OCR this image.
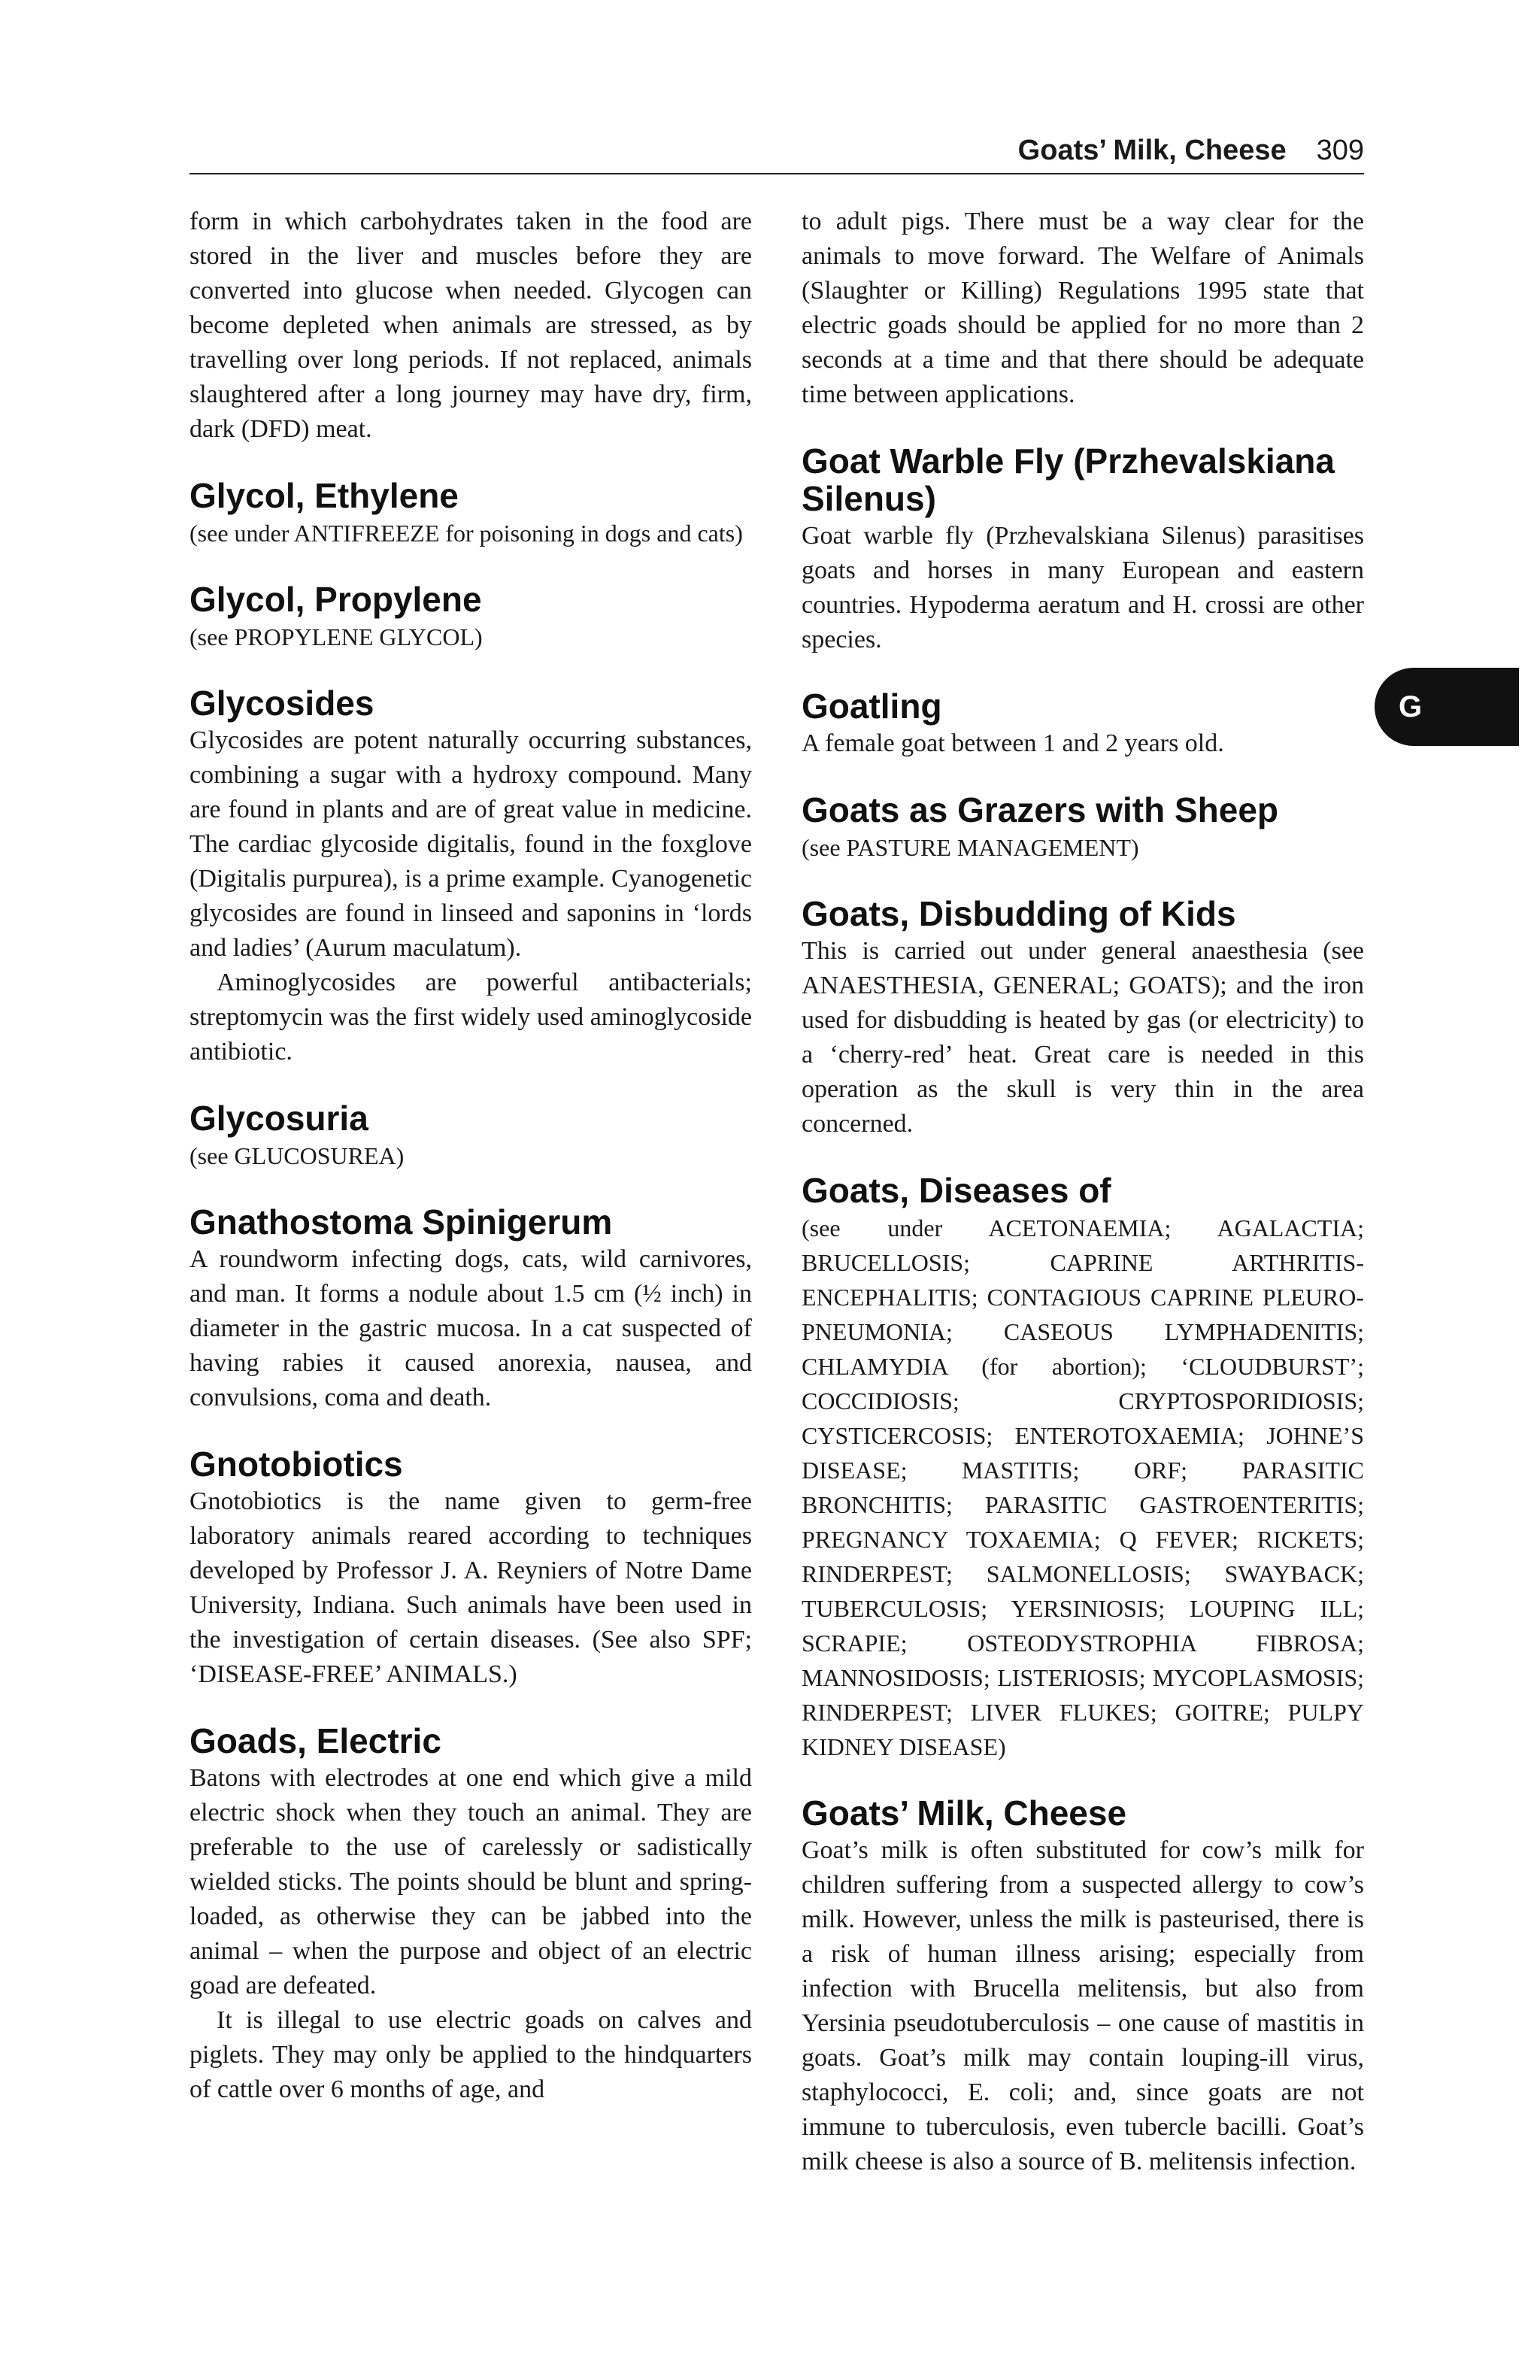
Goats’ Milk, Cheese 309
G

form in which carbohydrates taken in the food are stored in the liver and muscles before they are converted into glucose when needed. Glycogen can become depleted when animals are stressed, as by travelling over long periods. If not replaced, animals slaughtered after a long journey may have dry, firm, dark (DFD) meat.

Glycol, Ethylene

(see under ANTIFREEZE for poisoning in dogs and cats)

Glycol, Propylene

(see PROPYLENE GLYCOL)

Glycosides

Glycosides are potent naturally occurring substances, combining a sugar with a hydroxy compound. Many are found in plants and are of great value in medicine. The cardiac glycoside digitalis, found in the foxglove (Digitalis purpurea), is a prime example. Cyanogenetic glycosides are found in linseed and saponins in ‘lords and ladies’ (Aurum maculatum).

Aminoglycosides are powerful antibacterials; streptomycin was the first widely used aminoglycoside antibiotic.

Glycosuria

(see GLUCOSUREA)

Gnathostoma Spinigerum

A roundworm infecting dogs, cats, wild carnivores, and man. It forms a nodule about 1.5 cm (½ inch) in diameter in the gastric mucosa. In a cat suspected of having rabies it caused anorexia, nausea, and convulsions, coma and death.

Gnotobiotics

Gnotobiotics is the name given to germ-free laboratory animals reared according to techniques developed by Professor J. A. Reyniers of Notre Dame University, Indiana. Such animals have been used in the investigation of certain diseases. (See also SPF; ‘DISEASE-FREE’ ANIMALS.)

Goads, Electric

Batons with electrodes at one end which give a mild electric shock when they touch an animal. They are preferable to the use of carelessly or sadistically wielded sticks. The points should be blunt and spring-loaded, as otherwise they can be jabbed into the animal – when the purpose and object of an electric goad are defeated.

It is illegal to use electric goads on calves and piglets. They may only be applied to the hindquarters of cattle over 6 months of age, and

to adult pigs. There must be a way clear for the animals to move forward. The Welfare of Animals (Slaughter or Killing) Regulations 1995 state that electric goads should be applied for no more than 2 seconds at a time and that there should be adequate time between applications.

Goat Warble Fly (Przhevalskiana Silenus)

Goat warble fly (Przhevalskiana Silenus) parasitises goats and horses in many European and eastern countries. Hypoderma aeratum and H. crossi are other species.

Goatling

A female goat between 1 and 2 years old.

Goats as Grazers with Sheep

(see PASTURE MANAGEMENT)

Goats, Disbudding of Kids

This is carried out under general anaesthesia (see ANAESTHESIA, GENERAL; GOATS); and the iron used for disbudding is heated by gas (or electricity) to a ‘cherry-red’ heat. Great care is needed in this operation as the skull is very thin in the area concerned.

Goats, Diseases of

(see under ACETONAEMIA; AGALACTIA; BRUCELLOSIS; CAPRINE ARTHRITIS-ENCEPHALITIS; CONTAGIOUS CAPRINE PLEURO-PNEUMONIA; CASEOUS LYMPHADENITIS; CHLAMYDIA (for abortion); ‘CLOUDBURST’; COCCIDIOSIS; CRYPTOSPORIDIOSIS; CYSTICERCOSIS; ENTEROTOXAEMIA; JOHNE’S DISEASE; MASTITIS; ORF; PARASITIC BRONCHITIS; PARASITIC GASTROENTERITIS; PREGNANCY TOXAEMIA; Q FEVER; RICKETS; RINDERPEST; SALMONELLOSIS; SWAYBACK; TUBERCULOSIS; YERSINIOSIS; LOUPING ILL; SCRAPIE; OSTEODYSTROPHIA FIBROSA; MANNOSIDOSIS; LISTERIOSIS; MYCOPLASMOSIS; RINDERPEST; LIVER FLUKES; GOITRE; PULPY KIDNEY DISEASE)

Goats’ Milk, Cheese

Goat’s milk is often substituted for cow’s milk for children suffering from a suspected allergy to cow’s milk. However, unless the milk is pasteurised, there is a risk of human illness arising; especially from infection with Brucella melitensis, but also from Yersinia pseudotuberculosis – one cause of mastitis in goats. Goat’s milk may contain louping-ill virus, staphylococci, E. coli; and, since goats are not immune to tuberculosis, even tubercle bacilli. Goat’s milk cheese is also a source of B. melitensis infection.
